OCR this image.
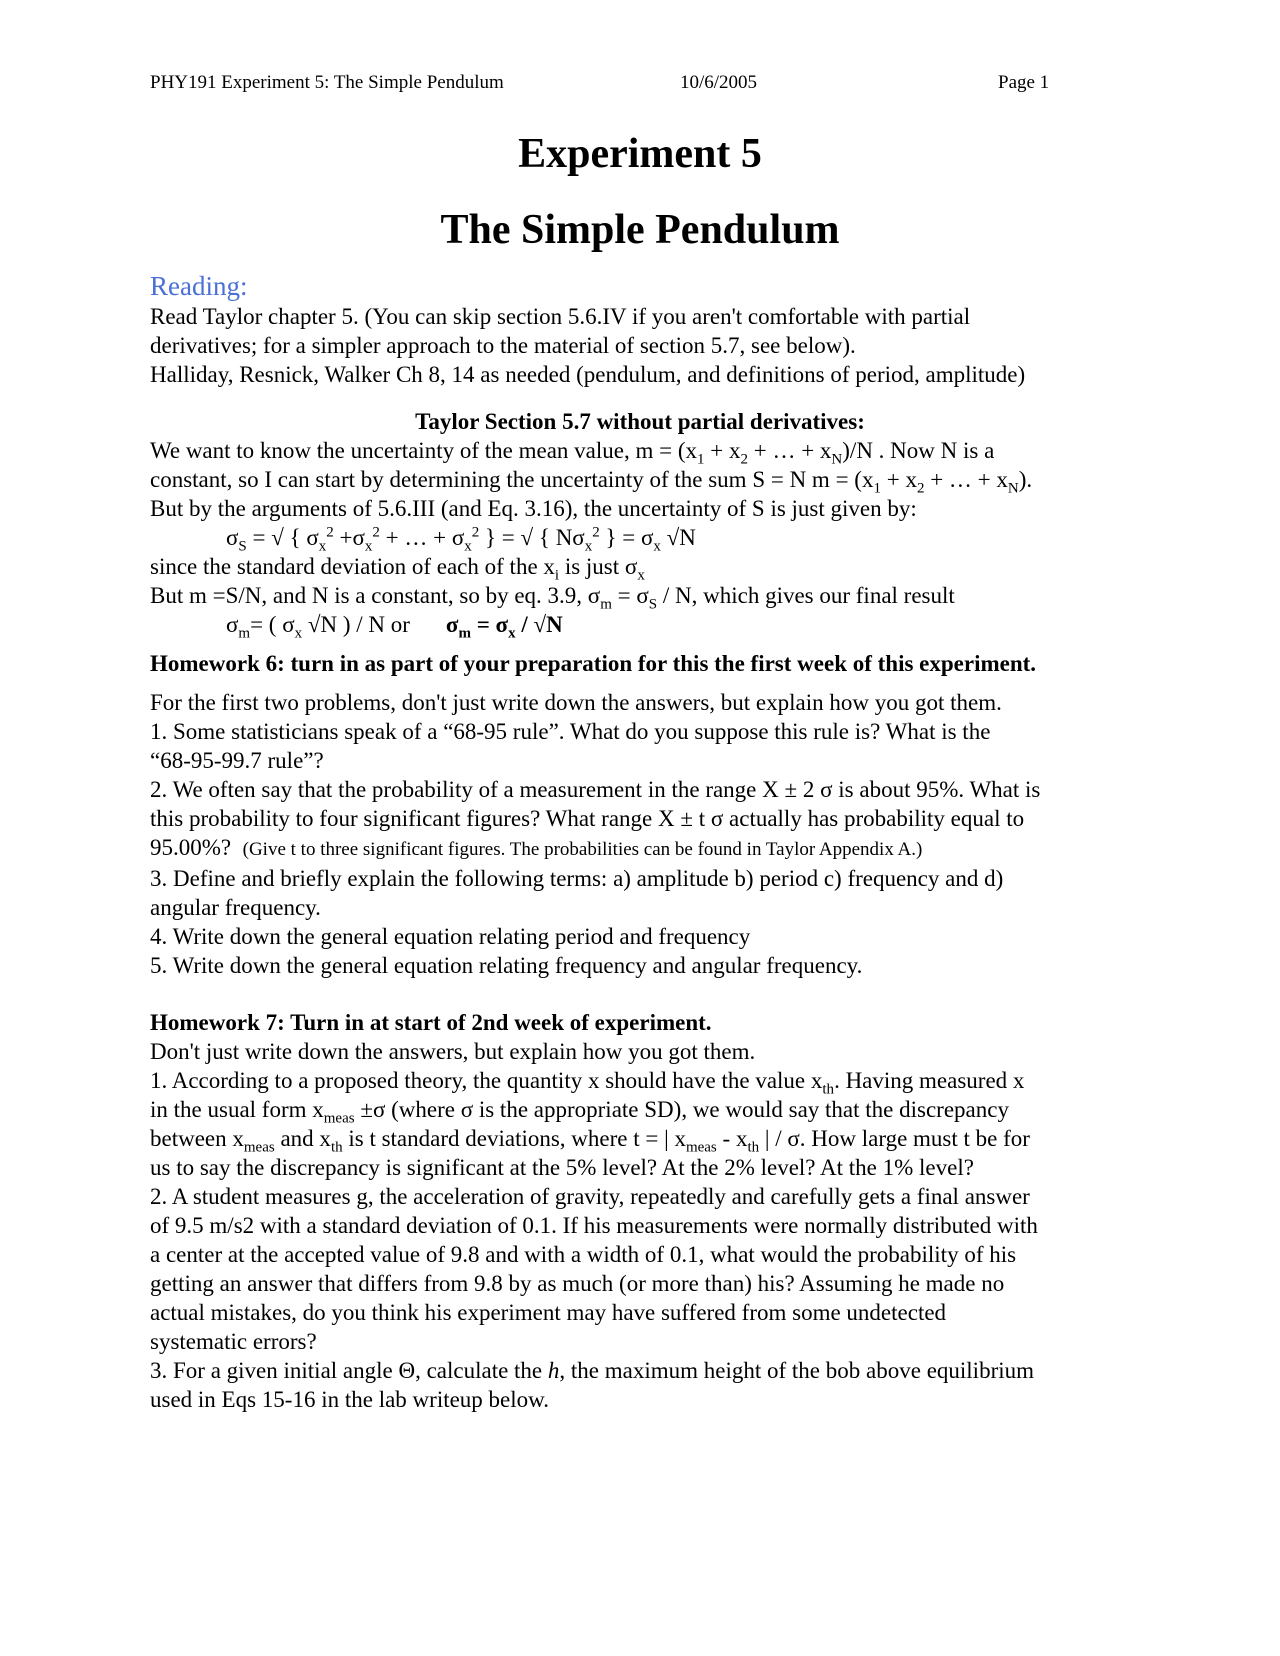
PHY191 Experiment 5: The Simple Pendulum	10/6/2005	Page 1
Experiment 5
The Simple Pendulum
Reading:
Read Taylor chapter 5. (You can skip section 5.6.IV if you aren't comfortable with partial
derivatives; for a simpler approach to the material of section 5.7, see below).
Halliday, Resnick, Walker Ch 8, 14 as needed (pendulum, and definitions of period, amplitude)
Taylor Section 5.7 without partial derivatives:
We want to know the uncertainty of the mean value, $m = (x_1 + x_2$ + … + $x_N)/N$ . Now N is a
constant, so I can start by determining the uncertainty of the sum S = N $m = (x_1 + x_2$ + … + $x_N$).
But by the arguments of 5.6.III (and Eq. 3.16), the uncertainty of S is just given by:
$\sigma_S$ = √ { $\sigma_x^2 +\sigma_x^2$ + … + $\sigma_x^2$ } = √ { $N\sigma_x^2$ } = $\sigma_x$ √N
since the standard deviation of each of the $x_i$ is just $\sigma_x$
But m =S/N, and N is a constant, so by eq. 3.9, $\sigma_m = \sigma_S / N$, which gives our final result
$\sigma_m=$ ( $\sigma_x$ √N ) / N or $\sigma_m = \sigma_x / √N$
Homework 6: turn in as part of your preparation for this the first week of this experiment.
For the first two problems, don't just write down the answers, but explain how you got them.
1. Some statisticians speak of a “68-95 rule”. What do you suppose this rule is? What is the
“68-95-99.7 rule”?
2. We often say that the probability of a measurement in the range X ± 2 σ is about 95%. What is
this probability to four significant figures? What range X ± t σ actually has probability equal to
95.00%? (Give t to three significant figures. The probabilities can be found in Taylor Appendix A.)
3. Define and briefly explain the following terms: a) amplitude b) period c) frequency and d)
angular frequency.
4. Write down the general equation relating period and frequency
5. Write down the general equation relating frequency and angular frequency.
Homework 7: Turn in at start of 2nd week of experiment.
Don't just write down the answers, but explain how you got them.
1. According to a proposed theory, the quantity x should have the value $x_{th}$. Having measured x
in the usual form $x_{meas} \pm\sigma$ (where σ is the appropriate SD), we would say that the discrepancy
between $x_{meas}$ and $x_{th}$ is t standard deviations, where t = | $x_{meas} - x_{th}$ | / σ. How large must t be for
us to say the discrepancy is significant at the 5% level? At the 2% level? At the 1% level?
2. A student measures g, the acceleration of gravity, repeatedly and carefully gets a final answer
of 9.5 m/s2 with a standard deviation of 0.1. If his measurements were normally distributed with
a center at the accepted value of 9.8 and with a width of 0.1, what would the probability of his
getting an answer that differs from 9.8 by as much (or more than) his? Assuming he made no
actual mistakes, do you think his experiment may have suffered from some undetected
systematic errors?
3. For a given initial angle Θ, calculate the h, the maximum height of the bob above equilibrium
used in Eqs 15-16 in the lab writeup below.
